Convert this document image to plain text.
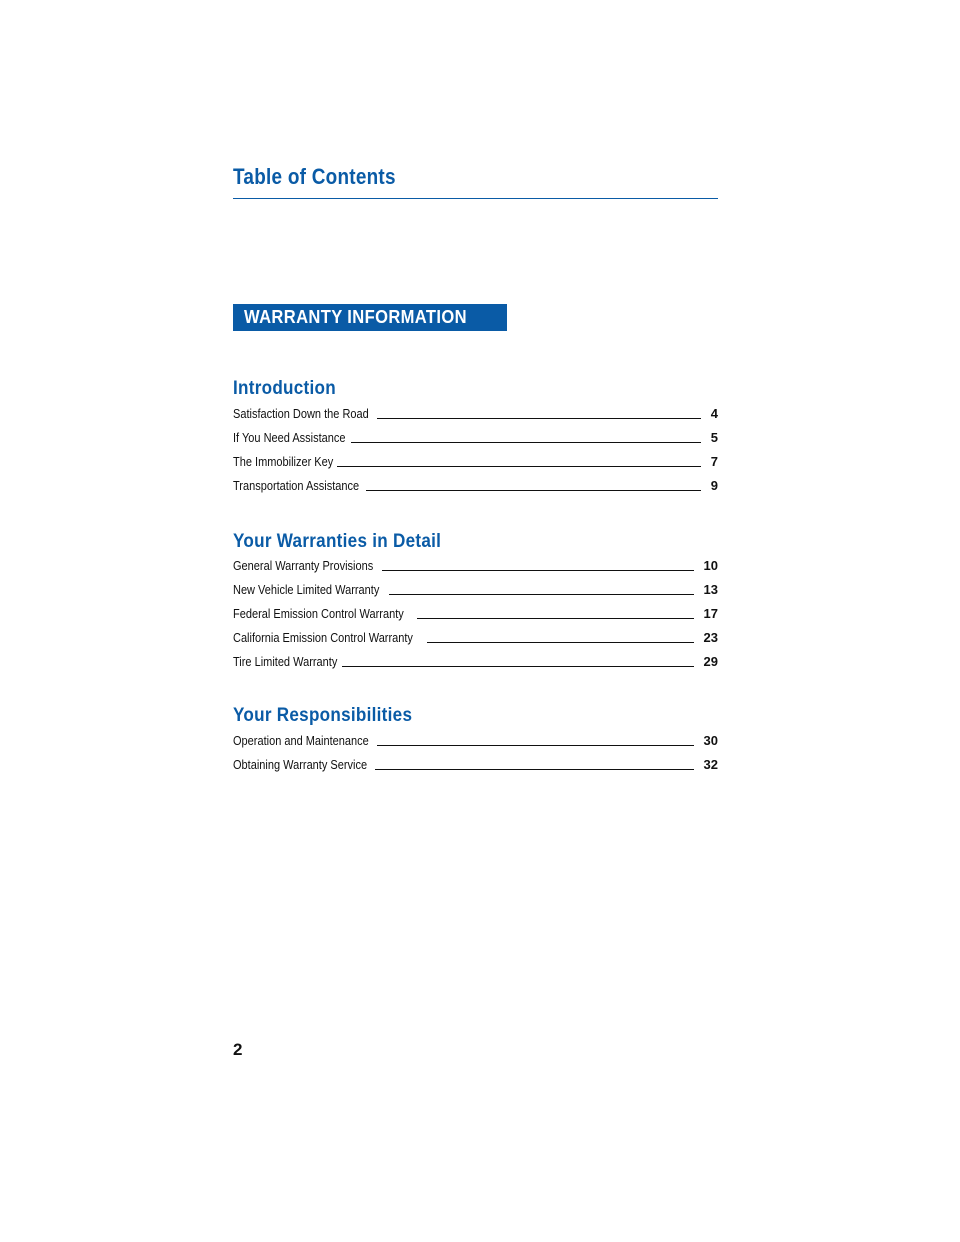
Table of Contents
WARRANTY INFORMATION
Introduction
Satisfaction Down the Road	4
If You Need Assistance	5
The Immobilizer Key	7
Transportation Assistance	9
Your Warranties in Detail
General Warranty Provisions	10
New Vehicle Limited Warranty	13
Federal Emission Control Warranty	17
California Emission Control Warranty	23
Tire Limited Warranty	29
Your Responsibilities
Operation and Maintenance	30
Obtaining Warranty Service	32
2
